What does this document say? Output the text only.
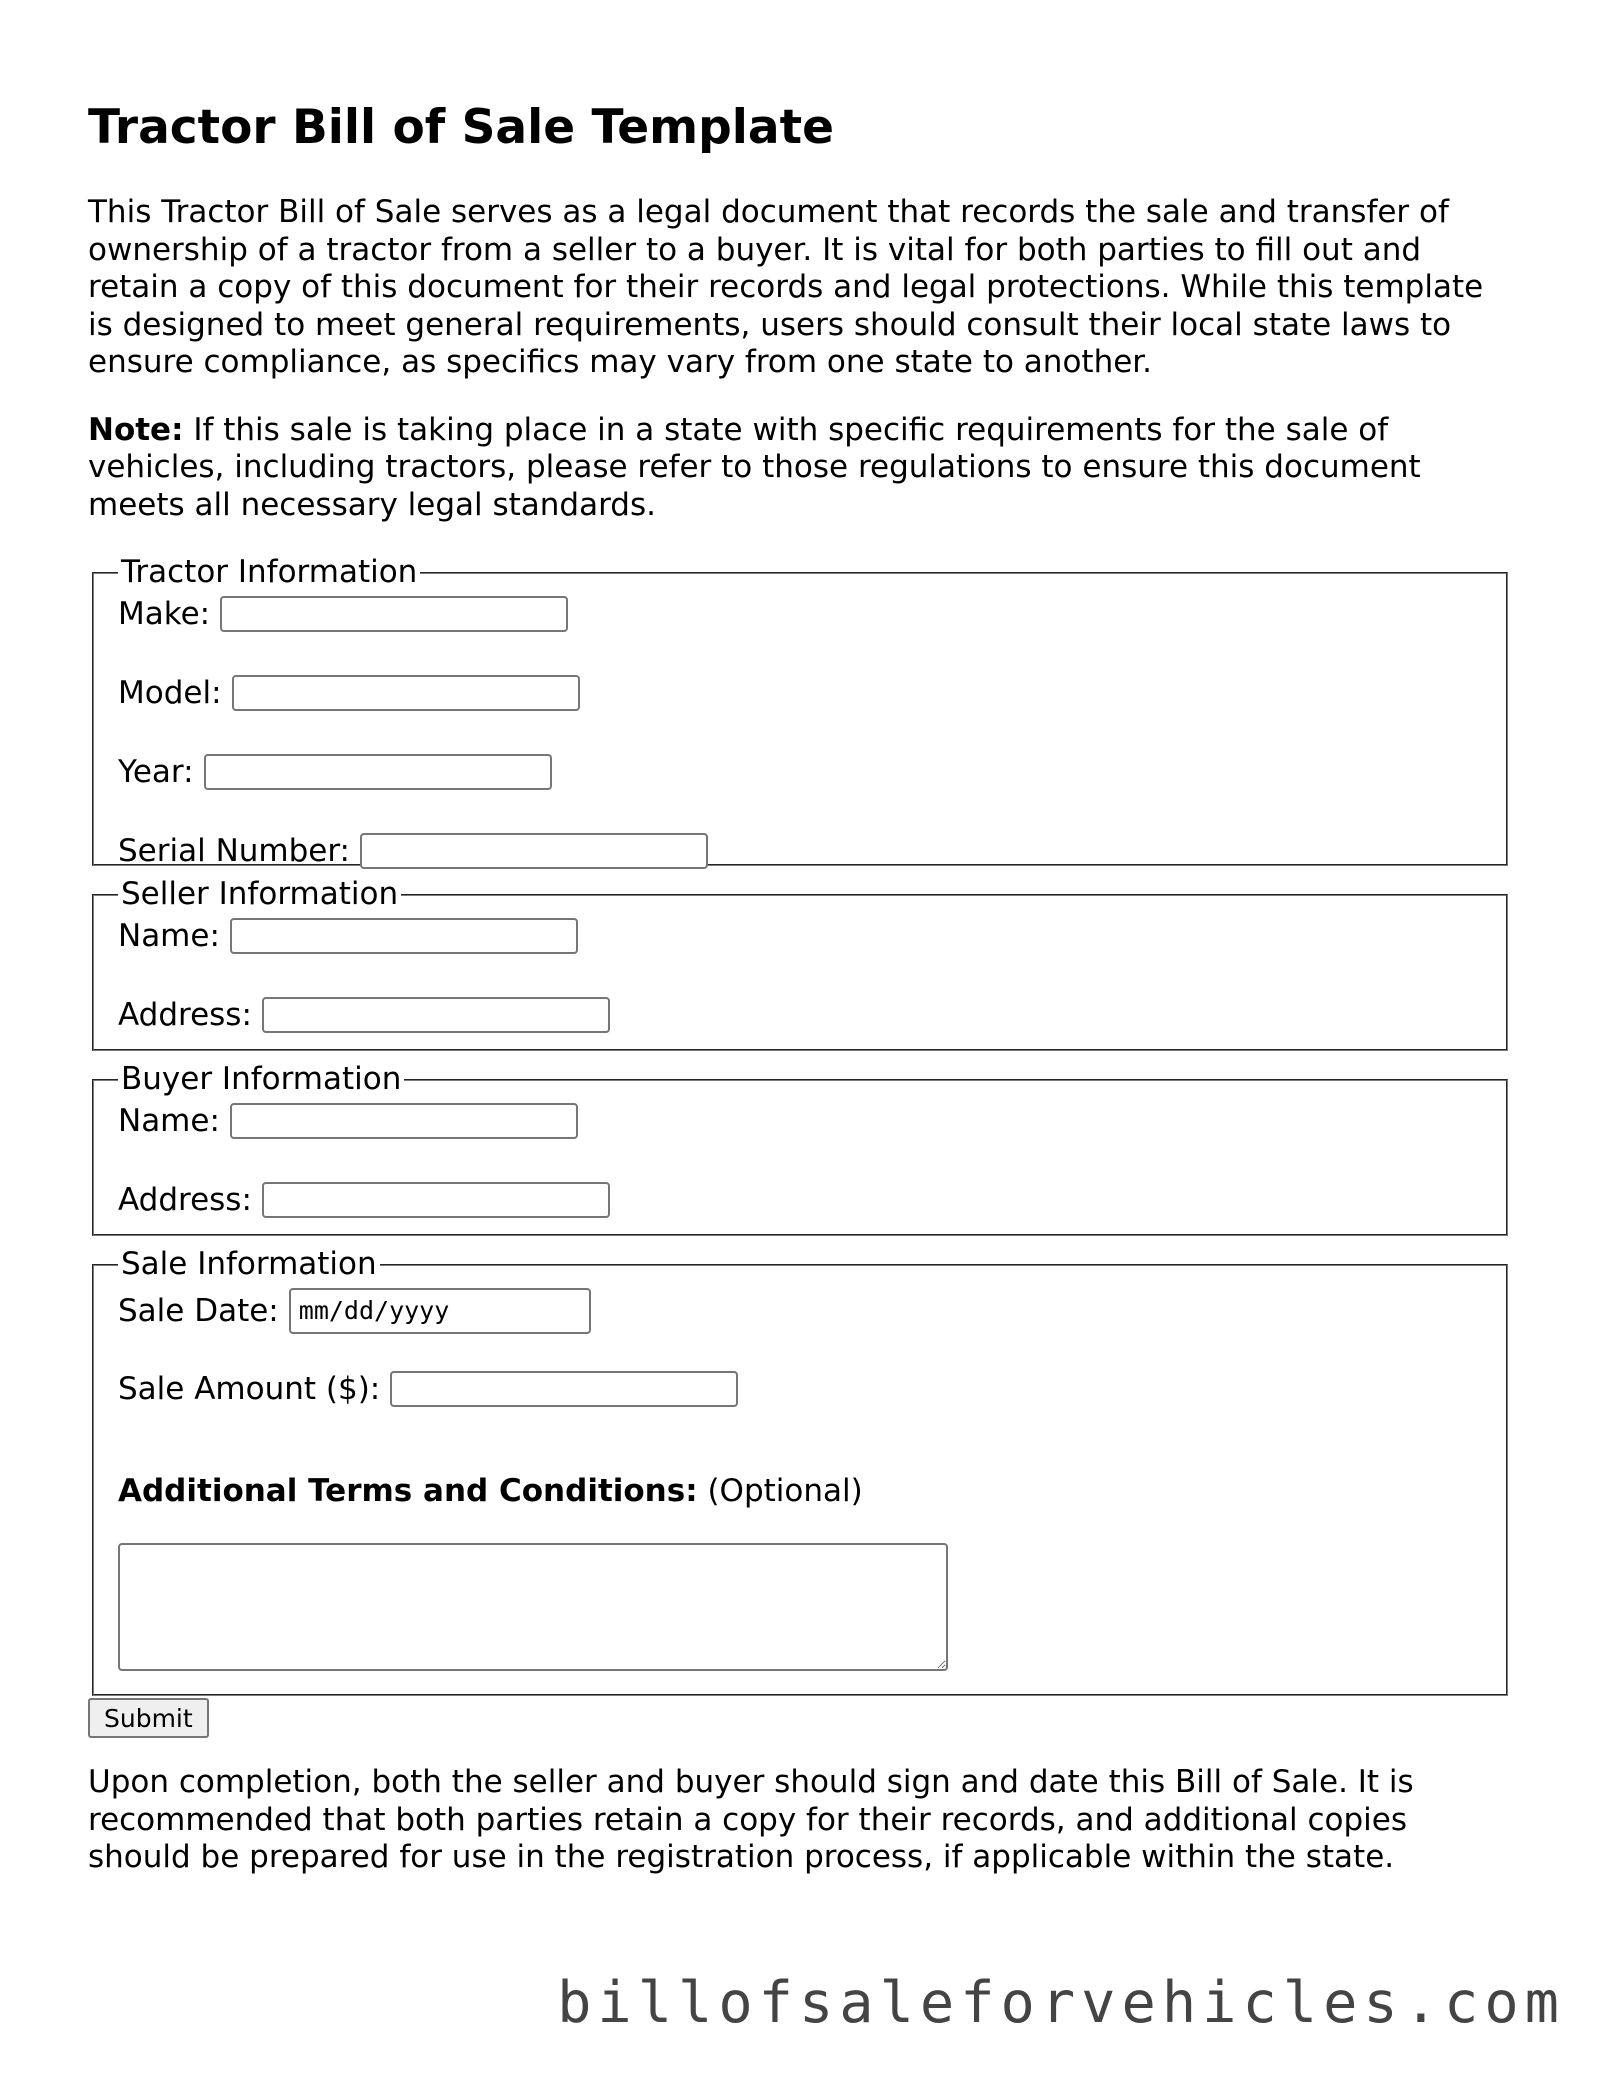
Tractor Bill of Sale Template

This Tractor Bill of Sale serves as a legal document that records the sale and transfer of ownership of a tractor from a seller to a buyer. It is vital for both parties to fill out and retain a copy of this document for their records and legal protections. While this template is designed to meet general requirements, users should consult their local state laws to ensure compliance, as specifics may vary from one state to another.

Note: If this sale is taking place in a state with specific requirements for the sale of vehicles, including tractors, please refer to those regulations to ensure this document meets all necessary legal standards.

Tractor Information
Make:
Model:
Year:
Serial Number:
Seller Information
Name:
Address:
Buyer Information
Name:
Address:
Sale Information
Sale Date:
mm/dd/yyyy
Sale Amount ($):
Additional Terms and Conditions: (Optional)
Submit

Upon completion, both the seller and buyer should sign and date this Bill of Sale. It is recommended that both parties retain a copy for their records, and additional copies should be prepared for use in the registration process, if applicable within the state.

billofsaleforvehicles.com
